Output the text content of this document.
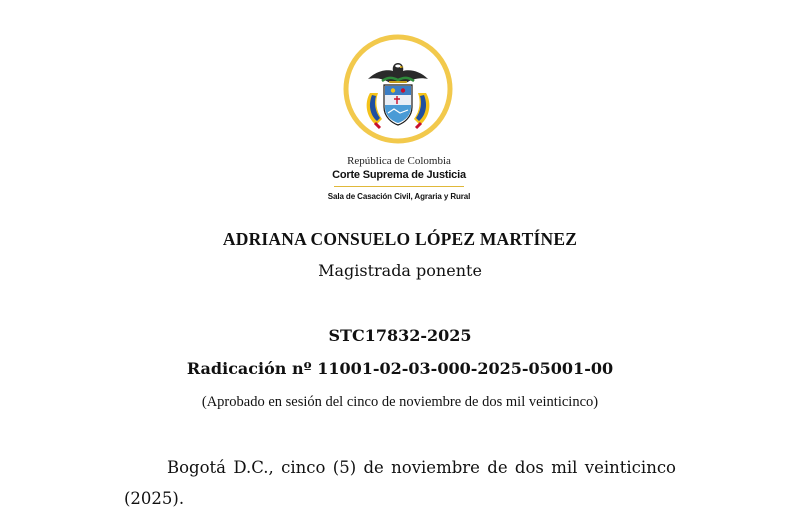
República de Colombia
Corte Suprema de Justicia
Sala de Casación Civil, Agraria y Rural
ADRIANA CONSUELO LÓPEZ MARTÍNEZ
Magistrada ponente
STC17832-2025
Radicación nº 11001-02-03-000-2025-05001-00
(Aprobado en sesión del cinco de noviembre de dos mil veinticinco)
Bogotá D.C., cinco (5) de noviembre de dos mil veinticinco (2025).
